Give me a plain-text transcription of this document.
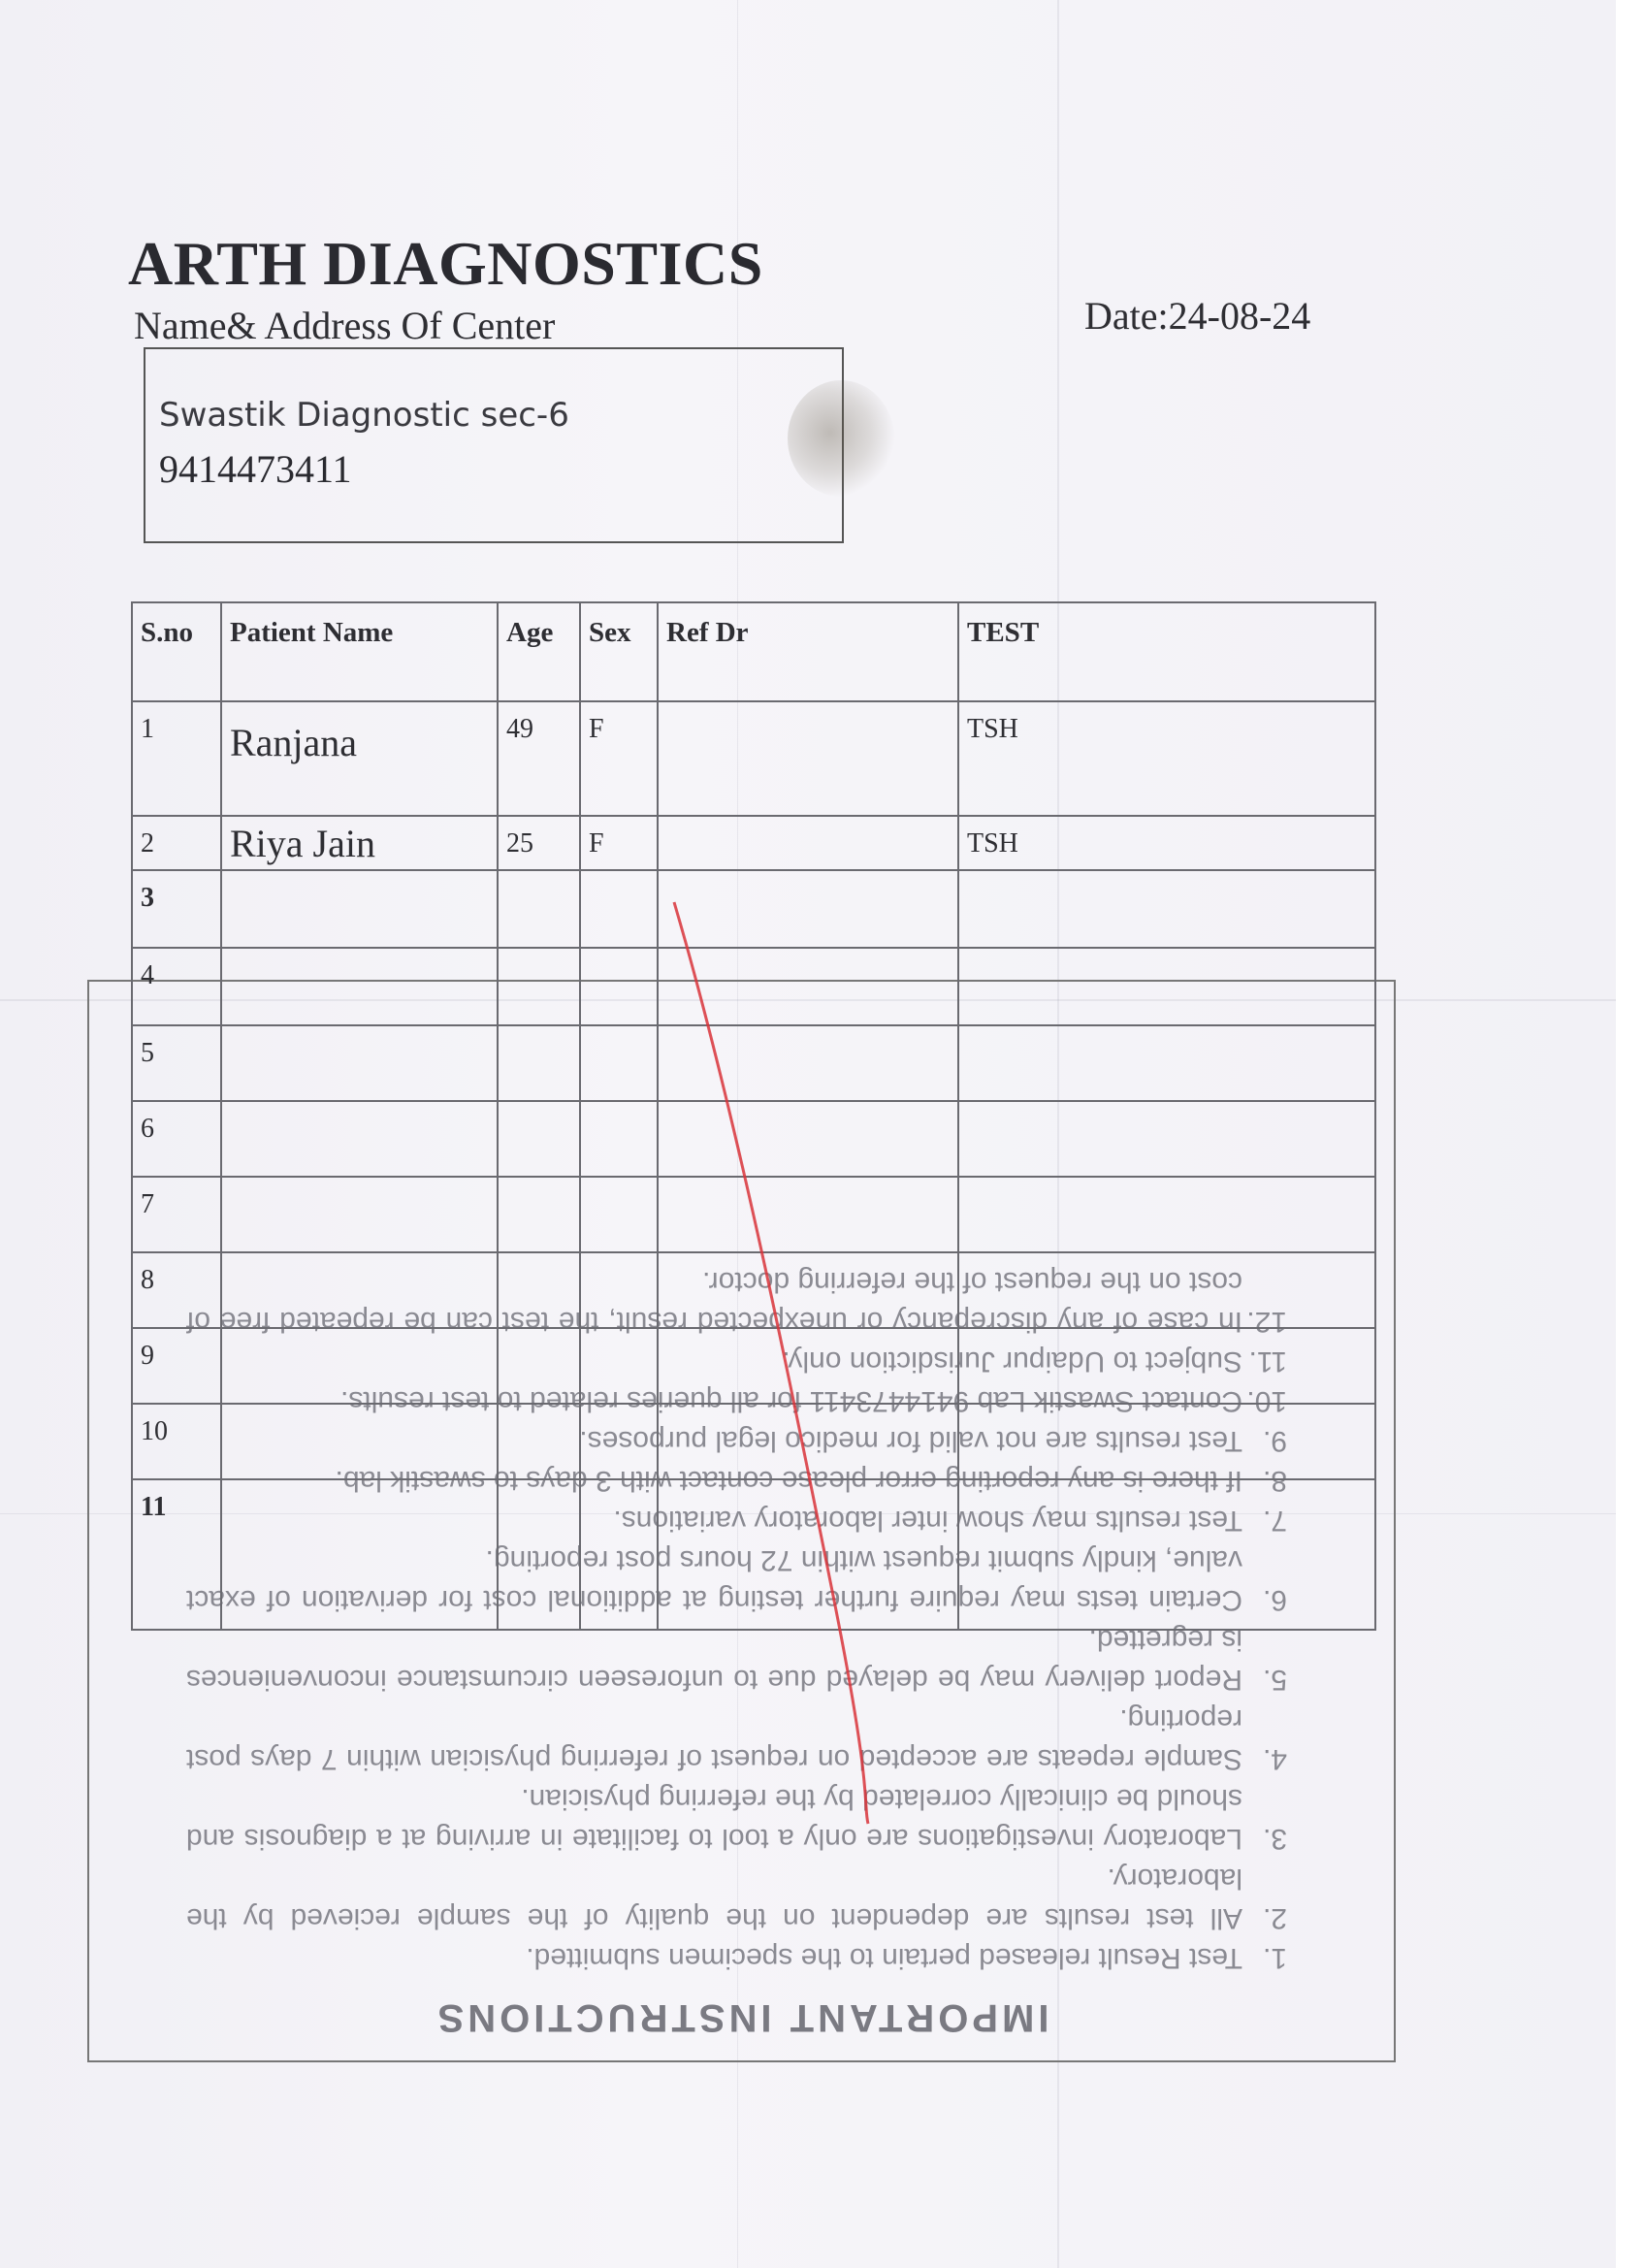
ARTH DIAGNOSTICS
Name& Address Of Center	Date:24-08-24
Swastik Diagnostic sec-6
9414473411
IMPORTANT INSTRUCTIONS
1.
Test Result released pertain to the specimen submitted.
2.
All test results are dependent on the quality of the sample recieved by the laboratory.
3.
Laboratory investigations are only a tool to facilitate in arriving at a diagnosis and should be clinically correlated by the referring physician.
4.
Sample repeats are accepted on request of referring physician within 7 days post reporting.
5.
Report delivery may be delayed due to unforeseen circumstance inconveniences is regretted.
6.
Certain tests may require further testing at additional cost for derivation of exact value, kindly submit request within 72 hours post reporting.
7.
Test results may show inter laboratory variations.
8.
If there is any reporting error please contact with 3 days to swastik lab.
9.
Test results are not valid for medico legal purposes.
10.
Contact Swastik Lab 9414473411 for all queries related to test results.
11.
Subject to Udaipur Jurisdiction only.
12.
In case of any discrepancy or unexpected result, the test can be repeated free of cost on the request of the referring doctor.
S.no	Patient Name	Age	Sex	Ref Dr	TEST
1	Ranjana	49	F		TSH
2	Riya Jain	25	F		TSH
3					
4					
5					
6					
7					
8					
9					
10					
11					
